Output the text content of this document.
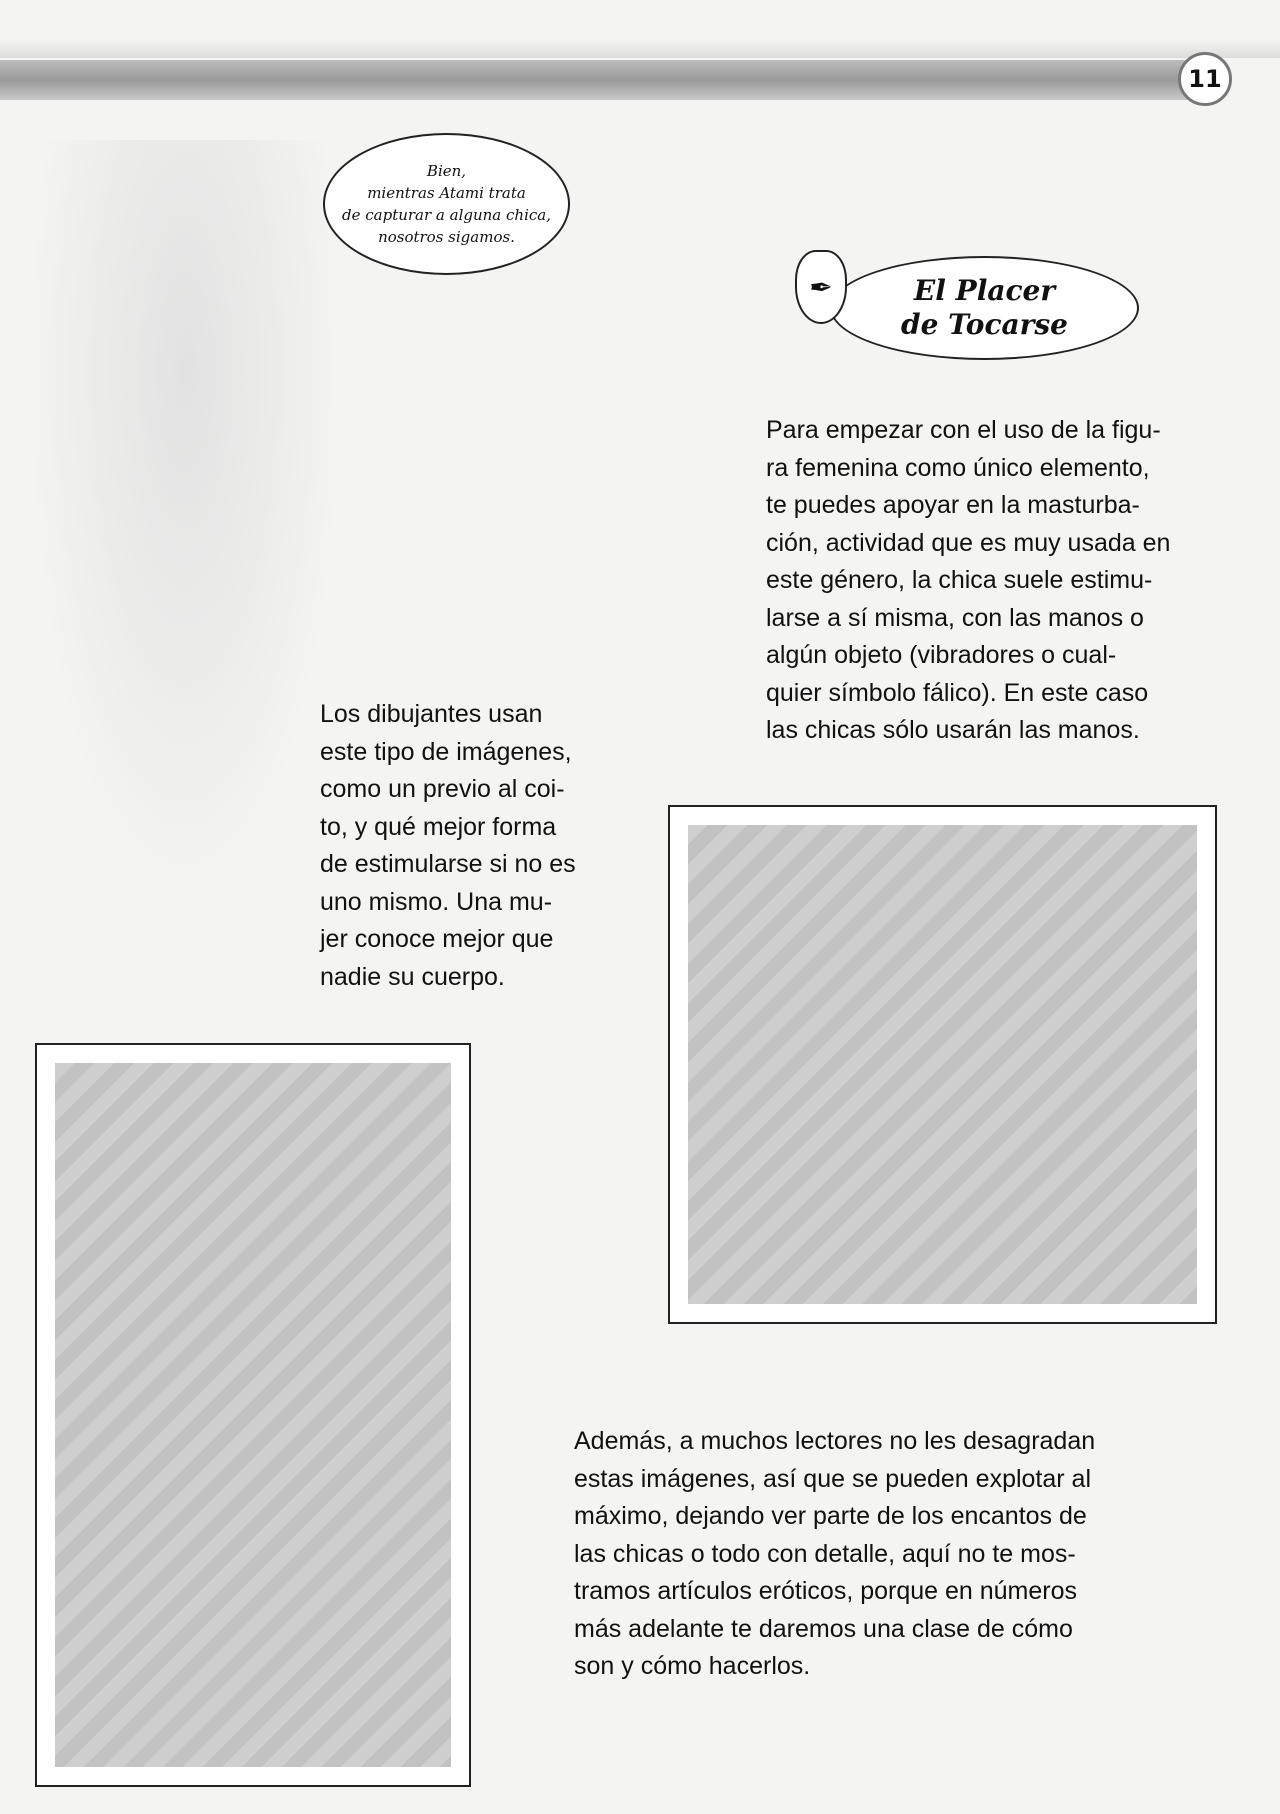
11
Bien,
mientras Atami trata
de capturar a alguna chica,
nosotros sigamos.
El Placer
de Tocarse
✒
Para empezar con el uso de la figu-
ra femenina como único elemento,
te puedes apoyar en la masturba-
ción, actividad que es muy usada en
este género, la chica suele estimu-
larse a sí misma, con las manos o
algún objeto (vibradores o cual-
quier símbolo fálico). En este caso
las chicas sólo usarán las manos.
Los dibujantes usan
este tipo de imágenes,
como un previo al coi-
to, y qué mejor forma
de estimularse si no es
uno mismo. Una mu-
jer conoce mejor que
nadie su cuerpo.
Además, a muchos lectores no les desagradan
estas imágenes, así que se pueden explotar al
máximo, dejando ver parte de los encantos de
las chicas o todo con detalle, aquí no te mos-
tramos artículos eróticos, porque en números
más adelante te daremos una clase de cómo
son y cómo hacerlos.
